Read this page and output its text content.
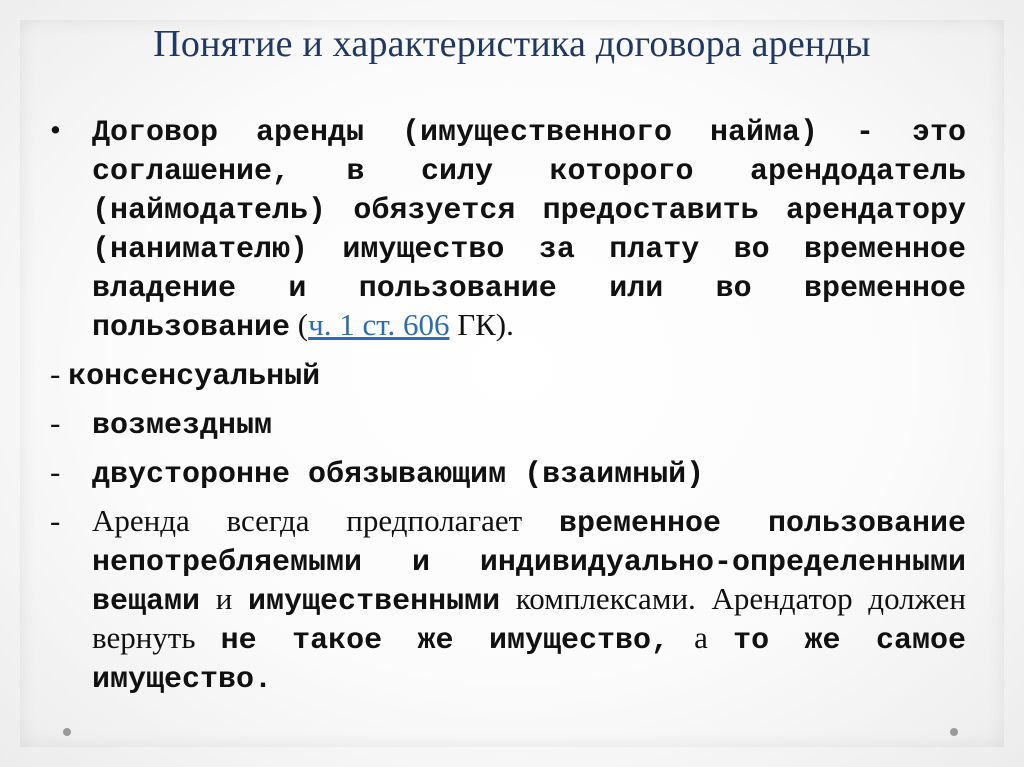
Понятие и характеристика договора аренды
•	Договор аренды (имущественного найма) - это соглашение, в силу которого арендодатель (наймодатель) обязуется предоставить арендатору (нанимателю) имущество за плату во временное владение и пользование или во временное пользование (ч. 1 ст. 606 ГК).
- консенсуальный
-	возмездным
-	двусторонне обязывающим (взаимный)
-	Аренда всегда предполагает временное пользование непотребляемыми и индивидуально-определенными вещами и имущественными комплексами. Арендатор должен вернуть не такое же имущество, а то же самое имущество.
